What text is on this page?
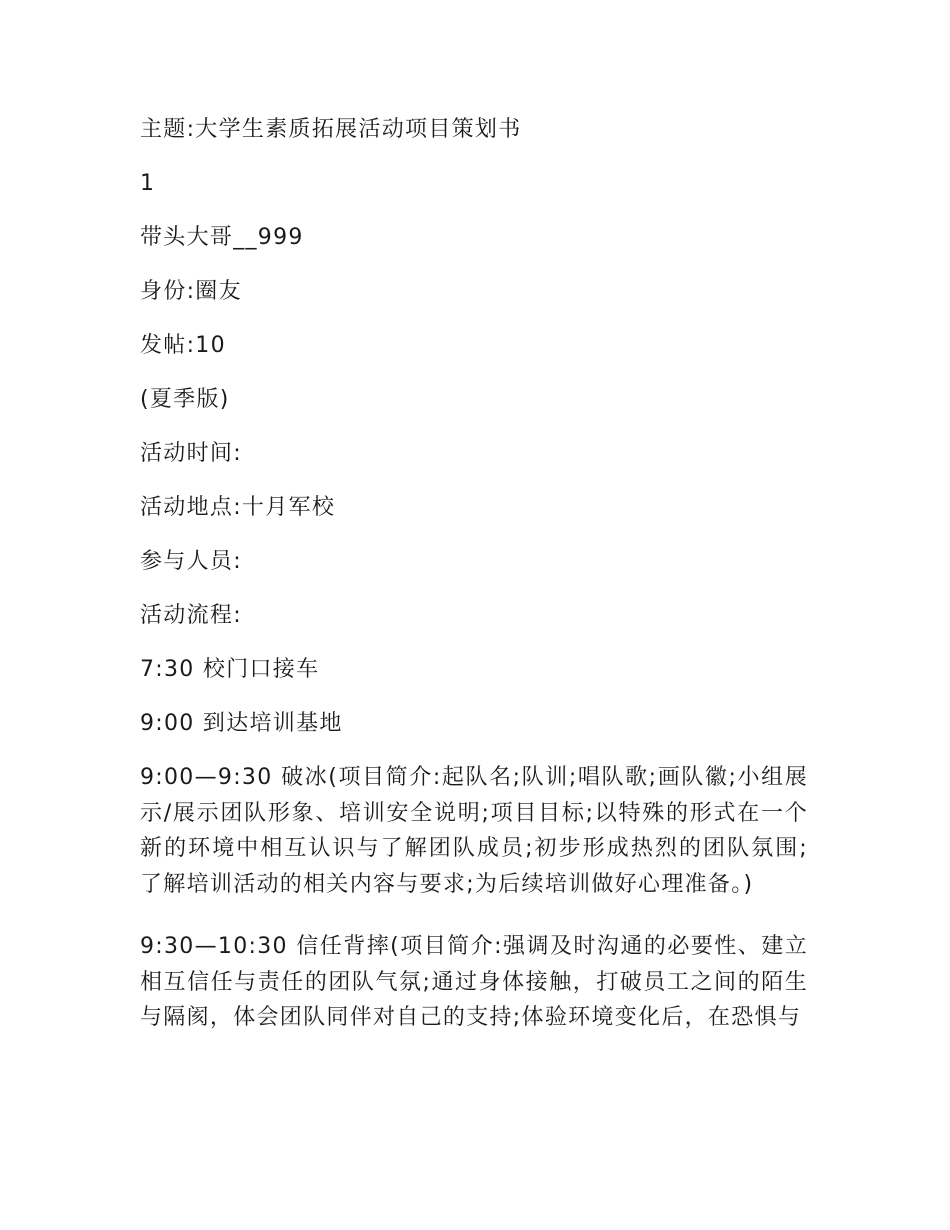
主题:大学生素质拓展活动项目策划书
1
带头大哥__999
身份:圈友
发帖:10
(夏季版)
活动时间:
活动地点:十月军校
参与人员:
活动流程:
7:30 校门口接车
9:00 到达培训基地
9:00—9:30 破冰(项目简介:起队名;队训;唱队歌;画队徽;小组展示/展示团队形象、培训安全说明;项目目标;以特殊的形式在一个新的环境中相互认识与了解团队成员;初步形成热烈的团队氛围;了解培训活动的相关内容与要求;为后续培训做好心理准备。)
9:30—10:30 信任背摔(项目简介:强调及时沟通的必要性、建立相互信任与责任的团队气氛;通过身体接触，打破员工之间的陌生与隔阂，体会团队同伴对自己的支持;体验环境变化后，在恐惧与
